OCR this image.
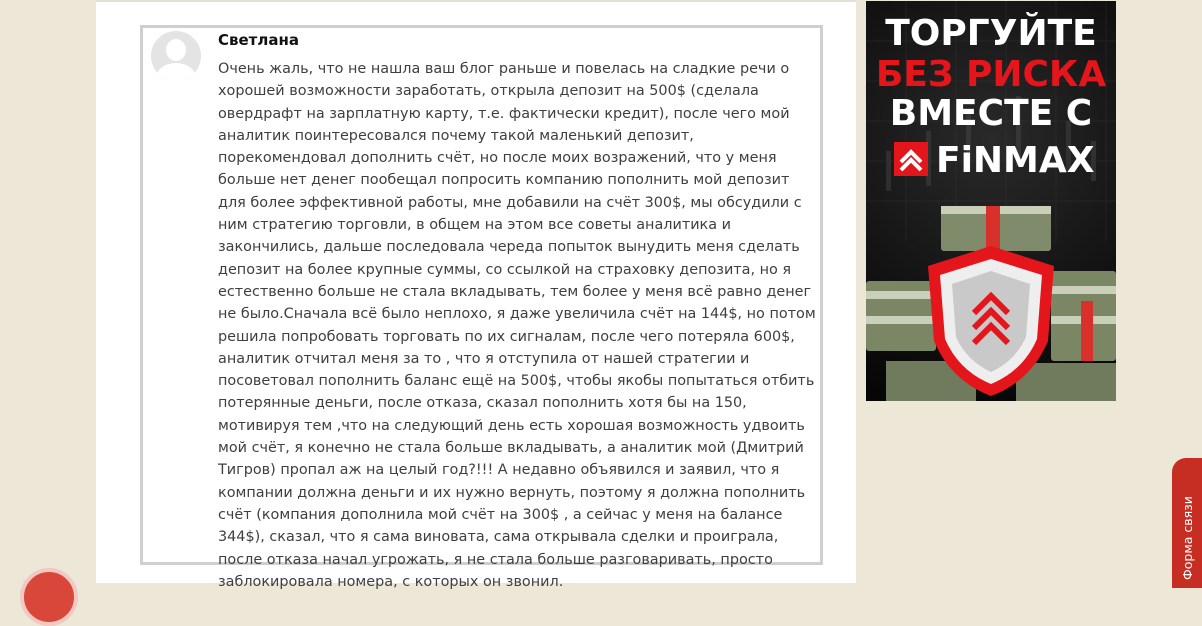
Светлана

Очень жаль, что не нашла ваш блог раньше и повелась на сладкие речи о хорошей возможности заработать, открыла депозит на 500$ (сделала овердрафт на зарплатную карту, т.е. фактически кредит), после чего мой аналитик поинтересовался почему такой маленький депозит, порекомендовал дополнить счёт, но после моих возражений, что у меня больше нет денег пообещал попросить компанию пополнить мой депозит для более эффективной работы, мне добавили на счёт 300$, мы обсудили с ним стратегию торговли, в общем на этом все советы аналитика и закончились, дальше последовала череда попыток вынудить меня сделать депозит на более крупные суммы, со ссылкой на страховку депозита, но я естественно больше не стала вкладывать, тем более у меня всё равно денег не было.Сначала всё было неплохо, я даже увеличила счёт на 144$, но потом решила попробовать торговать по их сигналам, после чего потеряла 600$, аналитик отчитал меня за то , что я отступила от нашей стратегии и посоветовал пополнить баланс ещё на 500$, чтобы якобы попытаться отбить потерянные деньги, после отказа, сказал пополнить хотя бы на 150, мотивируя тем ,что на следующий день есть хорошая возможность удвоить мой счёт, я конечно не стала больше вкладывать, а аналитик мой (Дмитрий Тигров) пропал аж на целый год?!!! А недавно объявился и заявил, что я компании должна деньги и их нужно вернуть, поэтому я должна пополнить счёт (компания дополнила мой счёт на 300$ , а сейчас у меня на балансе 344$), сказал, что я сама виновата, сама открывала сделки и проиграла, после отказа начал угрожать, я не стала больше разговаривать, просто заблокировала номера, с которых он звонил.

ТОРГУЙТЕ
БЕЗ РИСКА
ВМЕСТЕ С
FiNMAX
Форма связи
